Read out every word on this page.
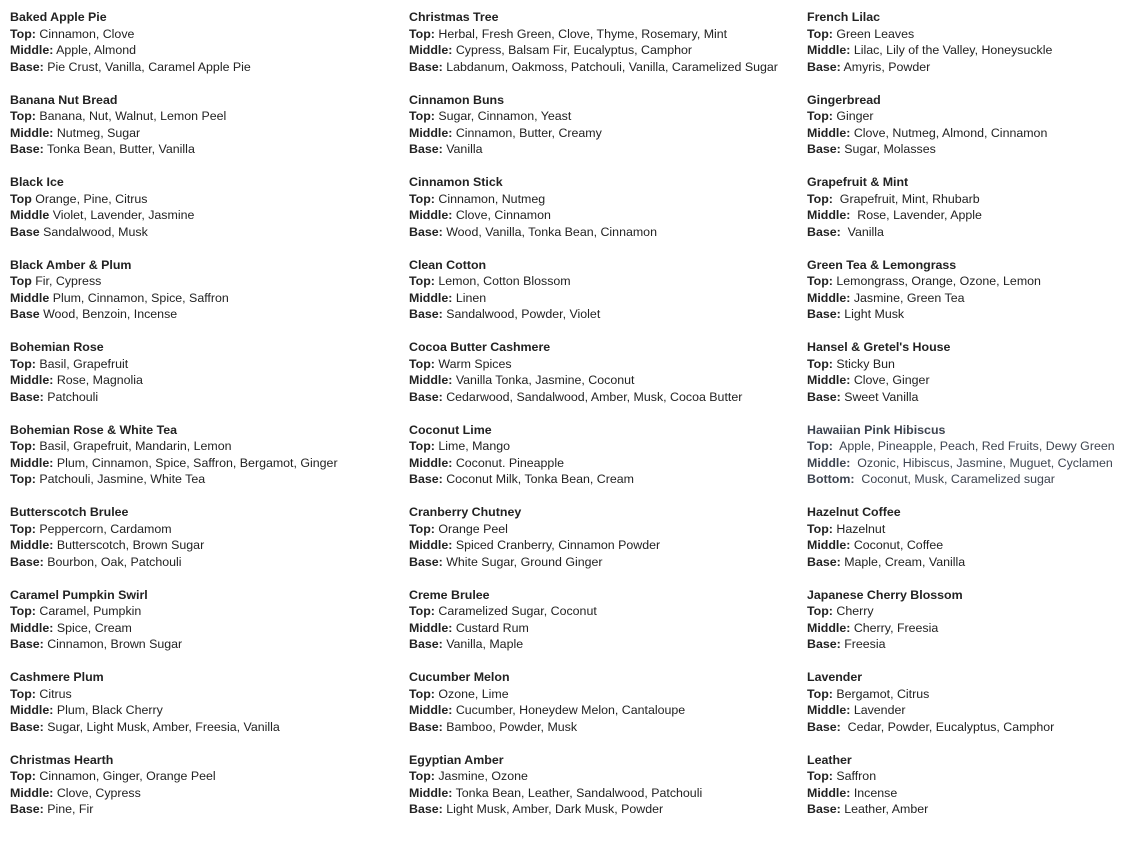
Baked Apple Pie
Top: Cinnamon, Clove
Middle: Apple, Almond
Base: Pie Crust, Vanilla, Caramel Apple Pie
Banana Nut Bread
Top: Banana, Nut, Walnut, Lemon Peel
Middle: Nutmeg, Sugar
Base: Tonka Bean, Butter, Vanilla
Black Ice
Top Orange, Pine, Citrus
Middle Violet, Lavender, Jasmine
Base Sandalwood, Musk
Black Amber & Plum
Top Fir, Cypress
Middle Plum, Cinnamon, Spice, Saffron
Base Wood, Benzoin, Incense
Bohemian Rose
Top: Basil, Grapefruit
Middle: Rose, Magnolia
Base: Patchouli
Bohemian Rose & White Tea
Top: Basil, Grapefruit, Mandarin, Lemon
Middle: Plum, Cinnamon, Spice, Saffron, Bergamot, Ginger
Top: Patchouli, Jasmine, White Tea
Butterscotch Brulee
Top: Peppercorn, Cardamom
Middle: Butterscotch, Brown Sugar
Base: Bourbon, Oak, Patchouli
Caramel Pumpkin Swirl
Top: Caramel, Pumpkin
Middle: Spice, Cream
Base: Cinnamon, Brown Sugar
Cashmere Plum
Top: Citrus
Middle: Plum, Black Cherry
Base: Sugar, Light Musk, Amber, Freesia, Vanilla
Christmas Hearth
Top: Cinnamon, Ginger, Orange Peel
Middle: Clove, Cypress
Base: Pine, Fir
Christmas Tree
Top: Herbal, Fresh Green, Clove, Thyme, Rosemary, Mint
Middle: Cypress, Balsam Fir, Eucalyptus, Camphor
Base: Labdanum, Oakmoss, Patchouli, Vanilla, Caramelized Sugar
Cinnamon Buns
Top: Sugar, Cinnamon, Yeast
Middle: Cinnamon, Butter, Creamy
Base: Vanilla
Cinnamon Stick
Top: Cinnamon, Nutmeg
Middle: Clove, Cinnamon
Base: Wood, Vanilla, Tonka Bean, Cinnamon
Clean Cotton
Top: Lemon, Cotton Blossom
Middle: Linen
Base: Sandalwood, Powder, Violet
Cocoa Butter Cashmere
Top: Warm Spices
Middle: Vanilla Tonka, Jasmine, Coconut
Base: Cedarwood, Sandalwood, Amber, Musk, Cocoa Butter
Coconut Lime
Top: Lime, Mango
Middle: Coconut. Pineapple
Base: Coconut Milk, Tonka Bean, Cream
Cranberry Chutney
Top: Orange Peel
Middle: Spiced Cranberry, Cinnamon Powder
Base: White Sugar, Ground Ginger
Creme Brulee
Top: Caramelized Sugar, Coconut
Middle: Custard Rum
Base: Vanilla, Maple
Cucumber Melon
Top: Ozone, Lime
Middle: Cucumber, Honeydew Melon, Cantaloupe
Base: Bamboo, Powder, Musk
Egyptian Amber
Top: Jasmine, Ozone
Middle: Tonka Bean, Leather, Sandalwood, Patchouli
Base: Light Musk, Amber, Dark Musk, Powder
French Lilac
Top: Green Leaves
Middle: Lilac, Lily of the Valley, Honeysuckle
Base: Amyris, Powder
Gingerbread
Top: Ginger
Middle: Clove, Nutmeg, Almond, Cinnamon
Base: Sugar, Molasses
Grapefruit & Mint
Top:  Grapefruit, Mint, Rhubarb
Middle:  Rose, Lavender, Apple
Base:  Vanilla
Green Tea & Lemongrass
Top: Lemongrass, Orange, Ozone, Lemon
Middle: Jasmine, Green Tea
Base: Light Musk
Hansel & Gretel's House
Top: Sticky Bun
Middle: Clove, Ginger
Base: Sweet Vanilla
Hawaiian Pink Hibiscus
Top:  Apple, Pineapple, Peach, Red Fruits, Dewy Green
Middle:  Ozonic, Hibiscus, Jasmine, Muguet, Cyclamen
Bottom:  Coconut, Musk, Caramelized sugar
Hazelnut Coffee
Top: Hazelnut
Middle: Coconut, Coffee
Base: Maple, Cream, Vanilla
Japanese Cherry Blossom
Top: Cherry
Middle: Cherry, Freesia
Base: Freesia
Lavender
Top: Bergamot, Citrus
Middle: Lavender
Base:  Cedar, Powder, Eucalyptus, Camphor
Leather
Top: Saffron
Middle: Incense
Base: Leather, Amber
